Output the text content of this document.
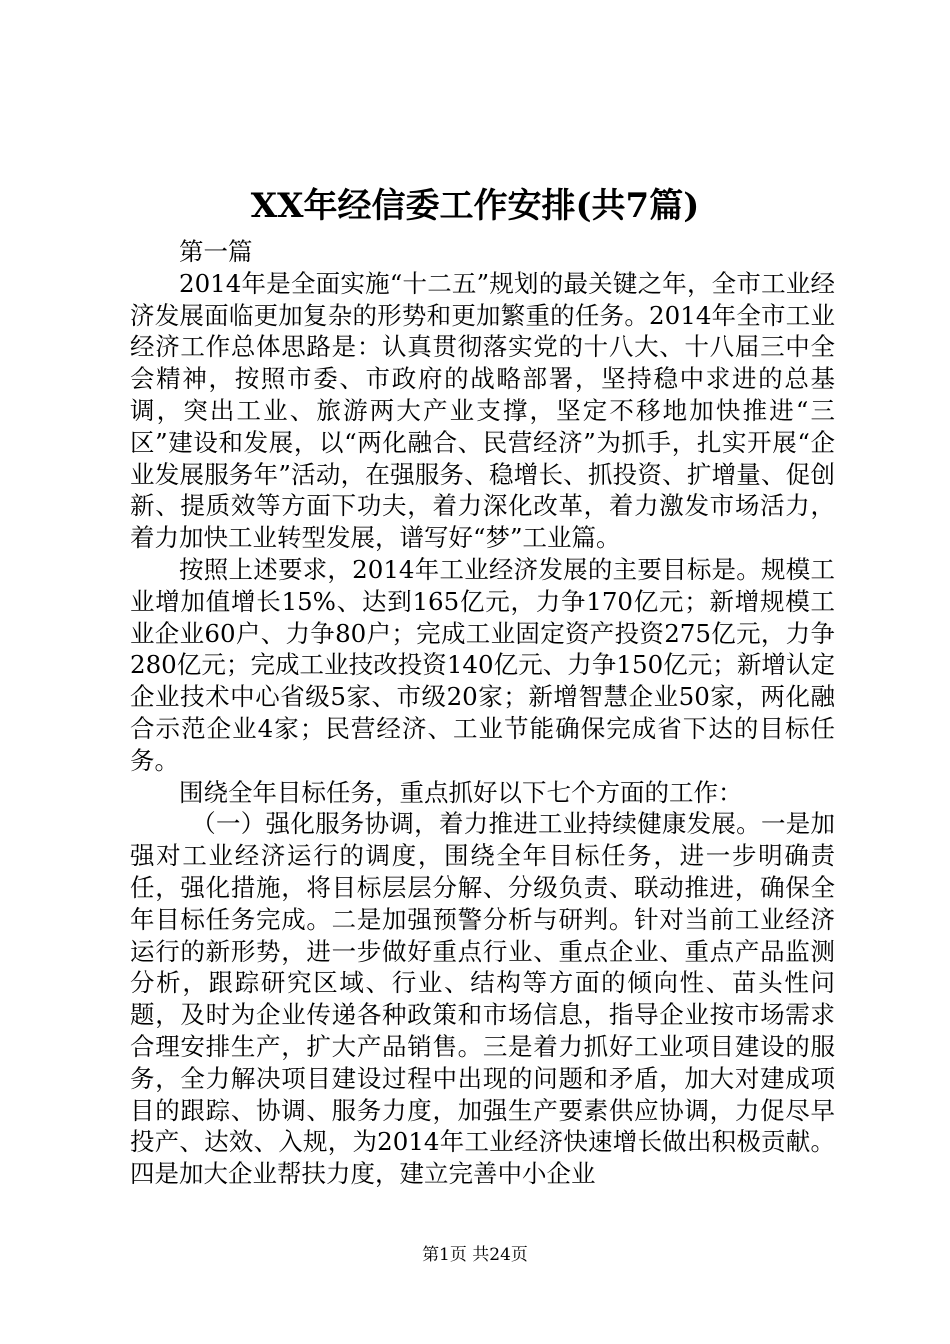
XX年经信委工作安排(共7篇)

第一篇

2014年是全面实施“十二五”规划的最关键之年，全市工业经济发展面临更加复杂的形势和更加繁重的任务。2014年全市工业经济工作总体思路是：认真贯彻落实党的十八大、十八届三中全会精神，按照市委、市政府的战略部署，坚持稳中求进的总基调，突出工业、旅游两大产业支撑，坚定不移地加快推进“三区”建设和发展，以“两化融合、民营经济”为抓手，扎实开展“企业发展服务年”活动，在强服务、稳增长、抓投资、扩增量、促创新、提质效等方面下功夫，着力深化改革，着力激发市场活力，着力加快工业转型发展，谱写好“梦”工业篇。

按照上述要求，2014年工业经济发展的主要目标是。规模工业增加值增长15%、达到165亿元，力争170亿元；新增规模工业企业60户、力争80户；完成工业固定资产投资275亿元，力争280亿元；完成工业技改投资140亿元、力争150亿元；新增认定企业技术中心省级5家、市级20家；新增智慧企业50家，两化融合示范企业4家；民营经济、工业节能确保完成省下达的目标任务。

围绕全年目标任务，重点抓好以下七个方面的工作：

（一）强化服务协调，着力推进工业持续健康发展。一是加强对工业经济运行的调度，围绕全年目标任务，进一步明确责任，强化措施，将目标层层分解、分级负责、联动推进，确保全年目标任务完成。二是加强预警分析与研判。针对当前工业经济运行的新形势，进一步做好重点行业、重点企业、重点产品监测分析，跟踪研究区域、行业、结构等方面的倾向性、苗头性问题，及时为企业传递各种政策和市场信息，指导企业按市场需求合理安排生产，扩大产品销售。三是着力抓好工业项目建设的服务，全力解决项目建设过程中出现的问题和矛盾，加大对建成项目的跟踪、协调、服务力度，加强生产要素供应协调，力促尽早投产、达效、入规，为2014年工业经济快速增长做出积极贡献。四是加大企业帮扶力度，建立完善中小企业

第1页 共24页
